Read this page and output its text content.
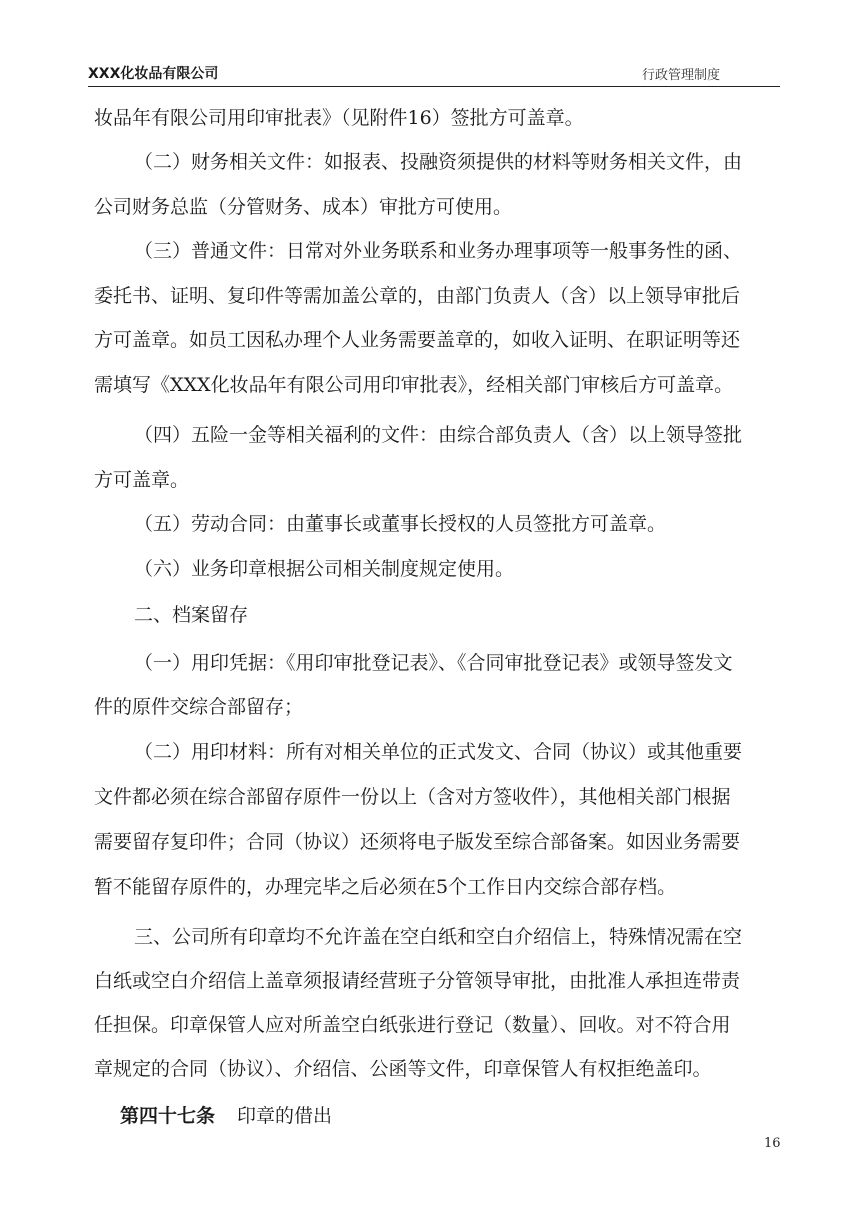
XXX化妆品有限公司	行政管理制度
妆品年有限公司用印审批表》（见附件16）签批方可盖章。
（二）财务相关文件：如报表、投融资须提供的材料等财务相关文件，由
公司财务总监（分管财务、成本）审批方可使用。
（三）普通文件：日常对外业务联系和业务办理事项等一般事务性的函、
委托书、证明、复印件等需加盖公章的，由部门负责人（含）以上领导审批后
方可盖章。如员工因私办理个人业务需要盖章的，如收入证明、在职证明等还
需填写《XXX化妆品年有限公司用印审批表》，经相关部门审核后方可盖章。
（四）五险一金等相关福利的文件：由综合部负责人（含）以上领导签批
方可盖章。
（五）劳动合同：由董事长或董事长授权的人员签批方可盖章。
（六）业务印章根据公司相关制度规定使用。
二、档案留存
（一）用印凭据：《用印审批登记表》、《合同审批登记表》或领导签发文
件的原件交综合部留存；
（二）用印材料：所有对相关单位的正式发文、合同（协议）或其他重要
文件都必须在综合部留存原件一份以上（含对方签收件），其他相关部门根据
需要留存复印件；合同（协议）还须将电子版发至综合部备案。如因业务需要
暂不能留存原件的，办理完毕之后必须在5个工作日内交综合部存档。
三、公司所有印章均不允许盖在空白纸和空白介绍信上，特殊情况需在空
白纸或空白介绍信上盖章须报请经营班子分管领导审批，由批准人承担连带责
任担保。印章保管人应对所盖空白纸张进行登记（数量）、回收。对不符合用
章规定的合同（协议）、介绍信、公函等文件，印章保管人有权拒绝盖印。
第四十七条 印章的借出
16
